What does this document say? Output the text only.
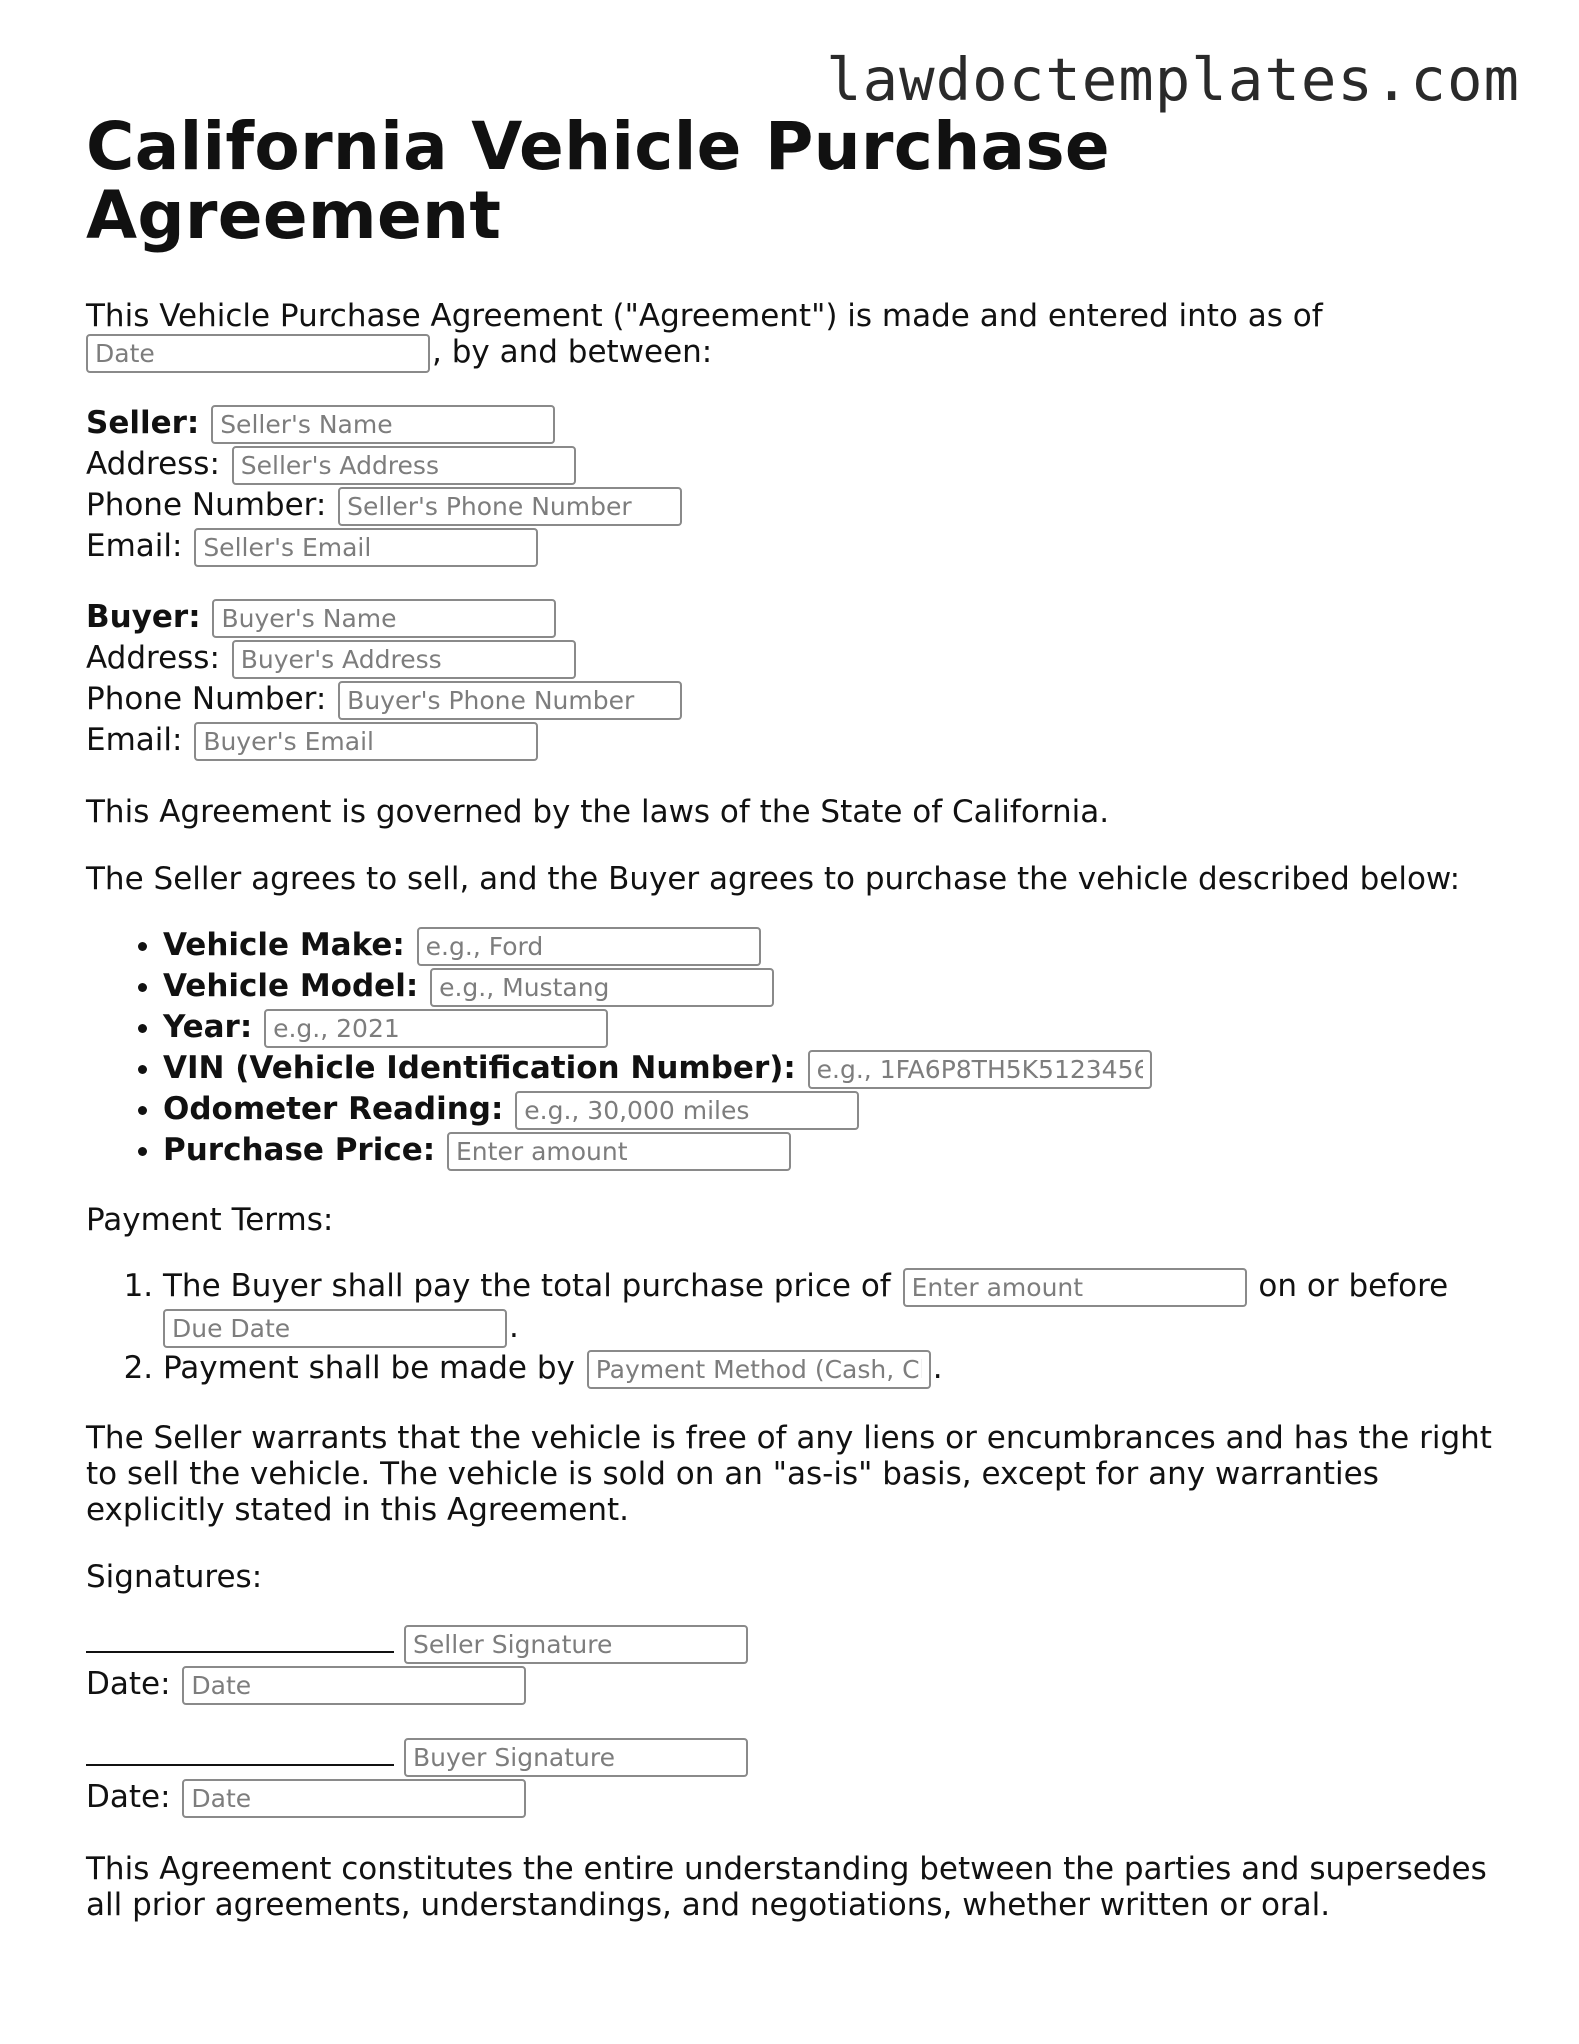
lawdoctemplates.com
California Vehicle Purchase Agreement

This Vehicle Purchase Agreement ("Agreement") is made and entered into as of
Date, by and between:

Seller: Seller's Name
Address: Seller's Address
Phone Number: Seller's Phone Number
Email: Seller's Email
Buyer: Buyer's Name
Address: Buyer's Address
Phone Number: Buyer's Phone Number
Email: Buyer's Email

This Agreement is governed by the laws of the State of California.

The Seller agrees to sell, and the Buyer agrees to purchase the vehicle described below:

• Vehicle Make: e.g., Ford
• Vehicle Model: e.g., Mustang
• Year: e.g., 2021
• VIN (Vehicle Identification Number): e.g., 1FA6P8TH5K5123456
• Odometer Reading: e.g., 30,000 miles
• Purchase Price: Enter amount

Payment Terms:

1. The Buyer shall pay the total purchase price of Enter amount	on or before
Due Date.
2. Payment shall be made by Payment Method (Cash, Check, etc.)	.

The Seller warrants that the vehicle is free of any liens or encumbrances and has the right to sell the vehicle. The vehicle is sold on an "as-is" basis, except for any warranties explicitly stated in this Agreement.

Signatures:

Seller Signature
Date: Date
Buyer Signature
Date: Date

This Agreement constitutes the entire understanding between the parties and supersedes all prior agreements, understandings, and negotiations, whether written or oral.
